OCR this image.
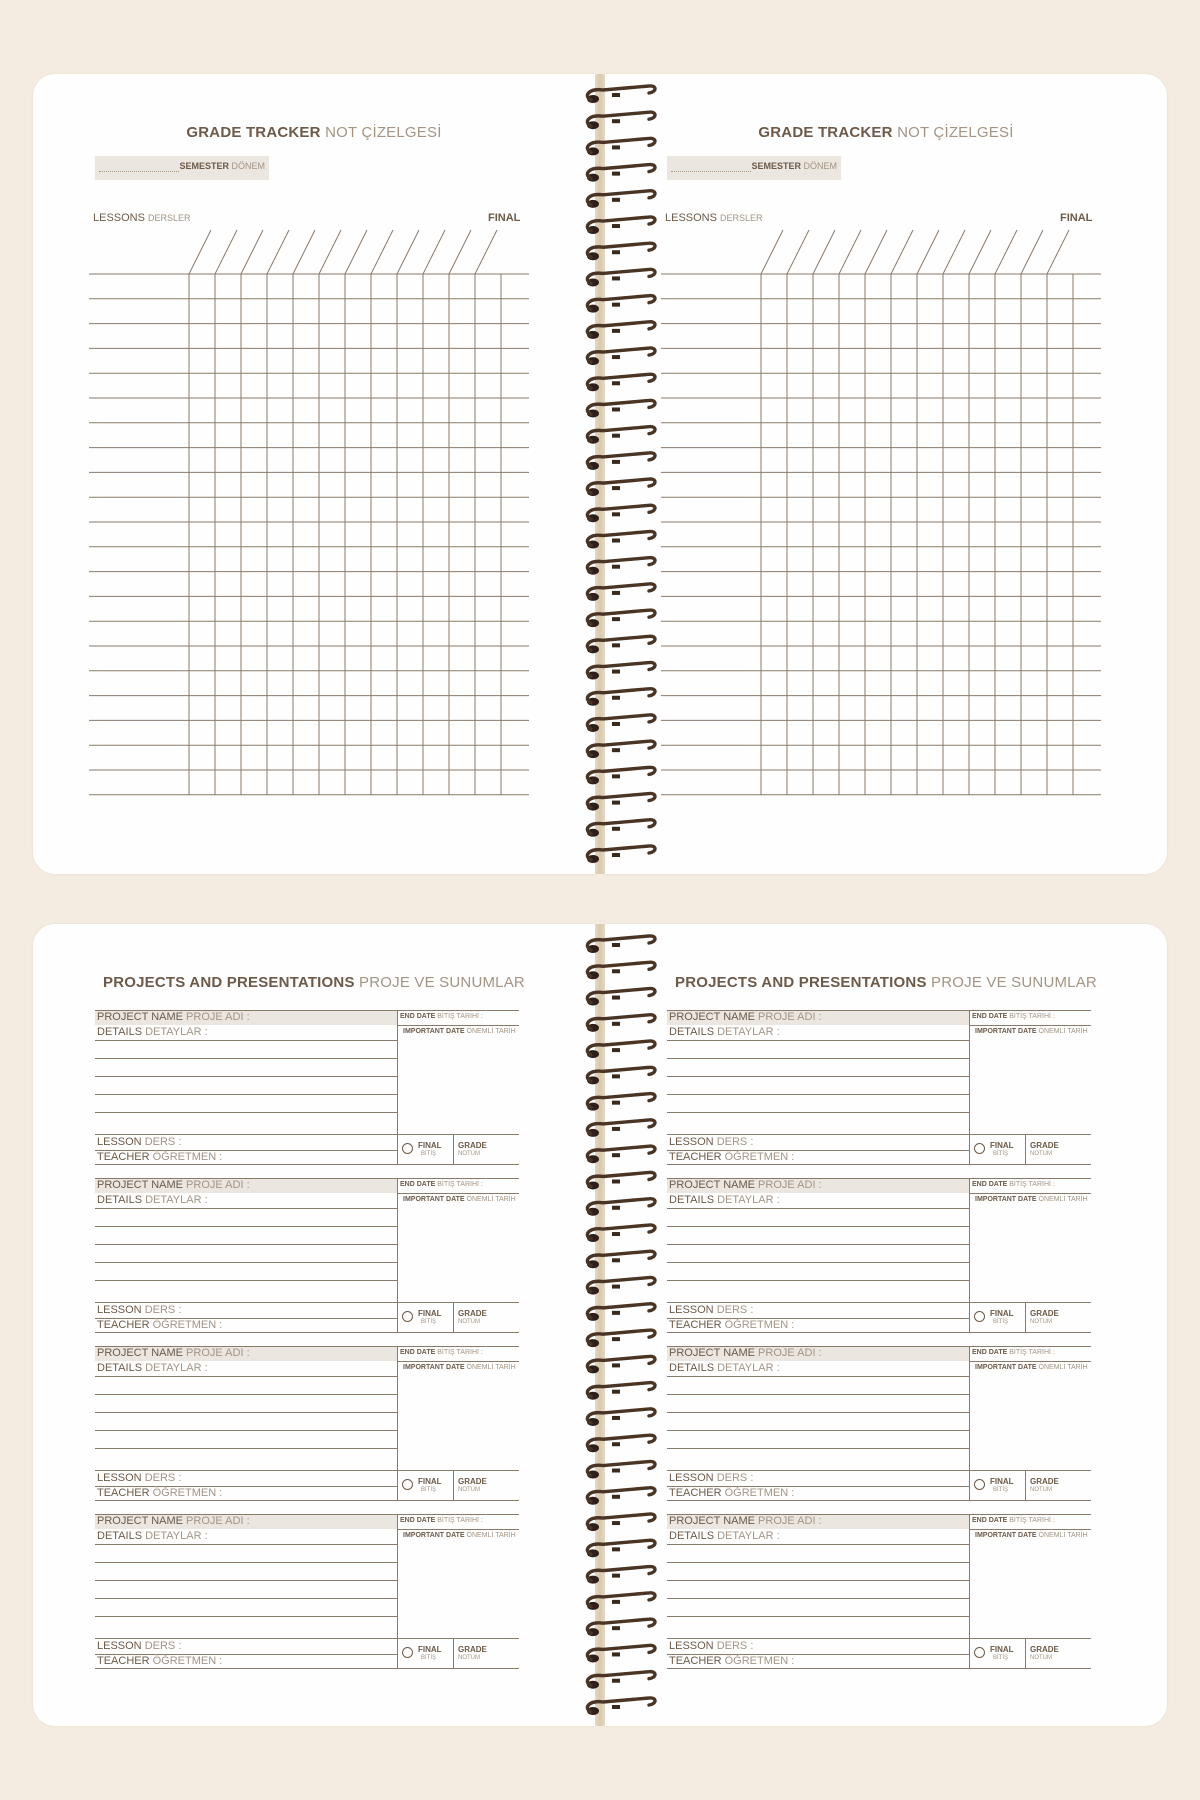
GRADE TRACKER NOT ÇİZELGESİ
SEMESTER DÖNEM
LESSONS DERSLER	FINAL
GRADE TRACKER NOT ÇİZELGESİ
SEMESTER DÖNEM
LESSONS DERSLER	FINAL
PROJECTS AND PRESENTATIONS PROJE VE SUNUMLAR
PROJECT NAME PROJE ADI :
DETAILS DETAYLAR :
END DATE BİTİŞ TARİHİ :
IMPORTANT DATE ÖNEMLİ TARİH
LESSON DERS :
TEACHER ÖĞRETMEN :
FINAL
BİTİŞ
GRADE
NOTUM
PROJECT NAME PROJE ADI :
DETAILS DETAYLAR :
END DATE BİTİŞ TARİHİ :
IMPORTANT DATE ÖNEMLİ TARİH
LESSON DERS :
TEACHER ÖĞRETMEN :
FINAL
BİTİŞ
GRADE
NOTUM
PROJECT NAME PROJE ADI :
DETAILS DETAYLAR :
END DATE BİTİŞ TARİHİ :
IMPORTANT DATE ÖNEMLİ TARİH
LESSON DERS :
TEACHER ÖĞRETMEN :
FINAL
BİTİŞ
GRADE
NOTUM
PROJECT NAME PROJE ADI :
DETAILS DETAYLAR :
END DATE BİTİŞ TARİHİ :
IMPORTANT DATE ÖNEMLİ TARİH
LESSON DERS :
TEACHER ÖĞRETMEN :
FINAL
BİTİŞ
GRADE
NOTUM
PROJECTS AND PRESENTATIONS PROJE VE SUNUMLAR
PROJECT NAME PROJE ADI :
DETAILS DETAYLAR :
END DATE BİTİŞ TARİHİ :
IMPORTANT DATE ÖNEMLİ TARİH
LESSON DERS :
TEACHER ÖĞRETMEN :
FINAL
BİTİŞ
GRADE
NOTUM
PROJECT NAME PROJE ADI :
DETAILS DETAYLAR :
END DATE BİTİŞ TARİHİ :
IMPORTANT DATE ÖNEMLİ TARİH
LESSON DERS :
TEACHER ÖĞRETMEN :
FINAL
BİTİŞ
GRADE
NOTUM
PROJECT NAME PROJE ADI :
DETAILS DETAYLAR :
END DATE BİTİŞ TARİHİ :
IMPORTANT DATE ÖNEMLİ TARİH
LESSON DERS :
TEACHER ÖĞRETMEN :
FINAL
BİTİŞ
GRADE
NOTUM
PROJECT NAME PROJE ADI :
DETAILS DETAYLAR :
END DATE BİTİŞ TARİHİ :
IMPORTANT DATE ÖNEMLİ TARİH
LESSON DERS :
TEACHER ÖĞRETMEN :
FINAL
BİTİŞ
GRADE
NOTUM
